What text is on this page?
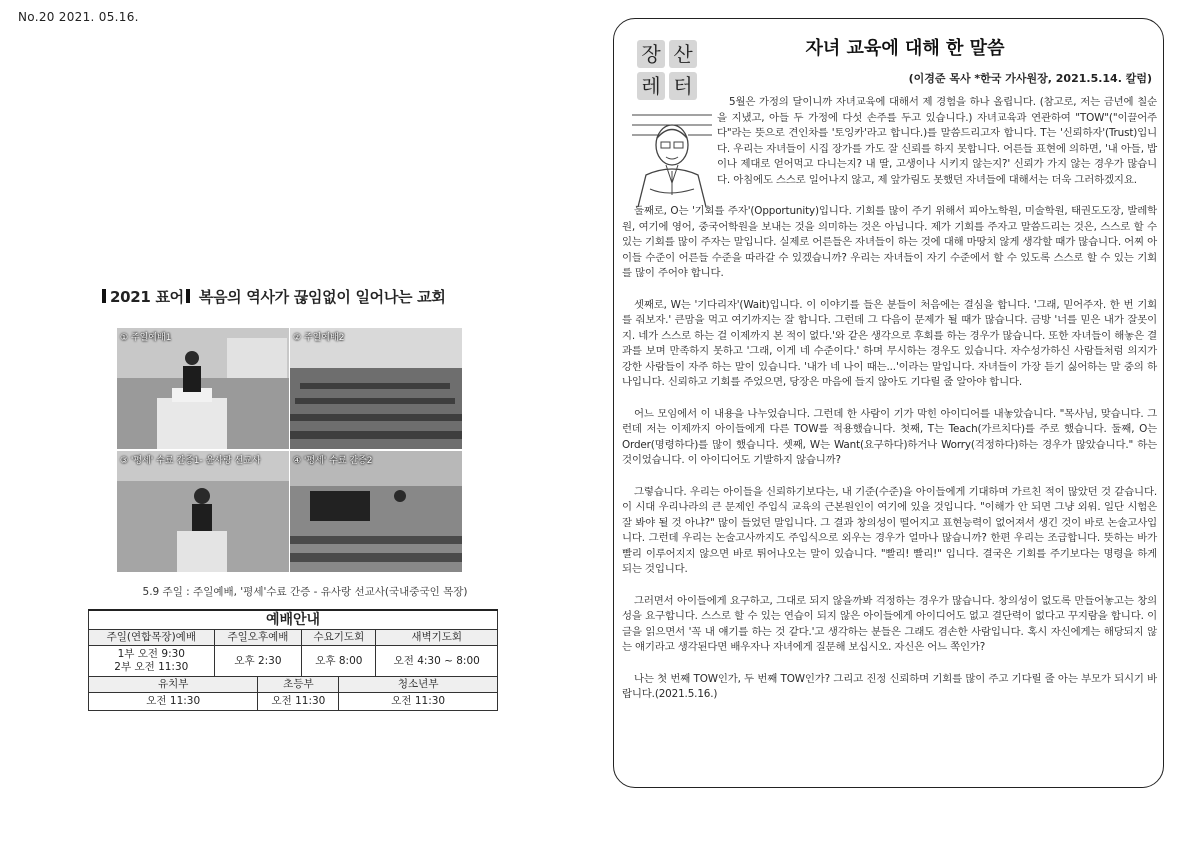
No.20 2021. 05.16.
2021 표어 복음의 역사가 끊임없이 일어나는 교회
① 주일예배1	② 주일예배2
③ '평세' 수료 간증1- 윤사랑 선교사	④ '평세' 수료 간증2
5.9 주일 : 주일예배, '평세'수료 간증 - 유사랑 선교사(국내중국인 목장)
예배안내					
주일(연합목장)예배	주일오후예배		수요기도회		새벽기도회
1부 오전 9:30
2부 오전 11:30	오후 2:30		오후 8:00		오전 4:30 ~ 8:00
유치부		초등부		청소년부	
오전 11:30		오전 11:30		오전 11:30	
장 산
레 터
자녀 교육에 대해 한 말씀
(이경준 목사 *한국 가사원장, 2021.5.14. 칼럼)

5월은 가정의 달이니까 자녀교육에 대해서 제 경험을 하나 올립니다. (참고로, 저는 금년에 칠순을 지냈고, 아들 두 가정에 다섯 손주를 두고 있습니다.) 자녀교육과 연관하여 "TOW"("이끌어주다"라는 뜻으로 견인차를 '토잉카'라고 합니다.)를 말씀드리고자 합니다. T는 '신뢰하자'(Trust)입니다. 우리는 자녀들이 시집 장가를 가도 잘 신뢰를 하지 못합니다. 어른들 표현에 의하면, '내 아들, 밥이나 제대로 얻어먹고 다니는지? 내 딸, 고생이나 시키지 않는지?' 신뢰가 가지 않는 경우가 많습니다. 아침에도 스스로 일어나지 않고, 제 앞가림도 못했던 자녀들에 대해서는 더욱 그러하겠지요.

둘째로, O는 '기회를 주자'(Opportunity)입니다. 기회를 많이 주기 위해서 피아노학원, 미술학원, 태권도도장, 발레학원, 여기에 영어, 중국어학원을 보내는 것을 의미하는 것은 아닙니다. 제가 기회를 주자고 말씀드리는 것은, 스스로 할 수 있는 기회를 많이 주자는 말입니다. 실제로 어른들은 자녀들이 하는 것에 대해 마땅치 않게 생각할 때가 많습니다. 어찌 아이들 수준이 어른들 수준을 따라갈 수 있겠습니까? 우리는 자녀들이 자기 수준에서 할 수 있도록 스스로 할 수 있는 기회를 많이 주어야 합니다.

셋째로, W는 '기다리자'(Wait)입니다. 이 이야기를 들은 분들이 처음에는 결심을 합니다. '그래, 믿어주자. 한 번 기회를 줘보자.' 큰맘을 먹고 여기까지는 잘 합니다. 그런데 그 다음이 문제가 될 때가 많습니다. 금방 '너를 믿은 내가 잘못이지. 네가 스스로 하는 걸 이제까지 본 적이 없다.'와 같은 생각으로 후회를 하는 경우가 많습니다. 또한 자녀들이 해놓은 결과를 보며 만족하지 못하고 '그래, 이게 네 수준이다.' 하며 무시하는 경우도 있습니다. 자수성가하신 사람들처럼 의지가 강한 사람들이 자주 하는 말이 있습니다. '내가 네 나이 때는...'이라는 말입니다. 자녀들이 가장 듣기 싫어하는 말 중의 하나입니다. 신뢰하고 기회를 주었으면, 당장은 마음에 들지 않아도 기다릴 줄 알아야 합니다.

어느 모임에서 이 내용을 나누었습니다. 그런데 한 사람이 기가 막힌 아이디어를 내놓았습니다. "목사님, 맞습니다. 그런데 저는 이제까지 아이들에게 다른 TOW를 적용했습니다. 첫째, T는 Teach(가르치다)를 주로 했습니다. 둘째, O는 Order(명령하다)를 많이 했습니다. 셋째, W는 Want(요구하다)하거나 Worry(걱정하다)하는 경우가 많았습니다." 하는 것이었습니다. 이 아이디어도 기발하지 않습니까?

그렇습니다. 우리는 아이들을 신뢰하기보다는, 내 기준(수준)을 아이들에게 기대하며 가르친 적이 많았던 것 같습니다. 이 시대 우리나라의 큰 문제인 주입식 교육의 근본원인이 여기에 있을 것입니다. "이해가 안 되면 그냥 외워. 일단 시험은 잘 봐야 될 것 아냐?" 많이 들었던 말입니다. 그 결과 창의성이 떨어지고 표현능력이 없어져서 생긴 것이 바로 논술고사입니다. 그런데 우리는 논술고사까지도 주입식으로 외우는 경우가 얼마나 많습니까? 한편 우리는 조급합니다. 뜻하는 바가 빨리 이루어지지 않으면 바로 튀어나오는 말이 있습니다. "빨리! 빨리!" 입니다. 결국은 기회를 주기보다는 명령을 하게 되는 것입니다.

그러면서 아이들에게 요구하고, 그대로 되지 않을까봐 걱정하는 경우가 많습니다. 창의성이 없도록 만들어놓고는 창의성을 요구합니다. 스스로 할 수 있는 연습이 되지 않은 아이들에게 아이디어도 없고 결단력이 없다고 꾸지람을 합니다. 이 글을 읽으면서 '꼭 내 얘기를 하는 것 같다.'고 생각하는 분들은 그래도 겸손한 사람입니다. 혹시 자신에게는 해당되지 않는 얘기라고 생각된다면 배우자나 자녀에게 질문해 보십시오. 자신은 어느 쪽인가?

나는 첫 번째 TOW인가, 두 번째 TOW인가? 그리고 진정 신뢰하며 기회를 많이 주고 기다릴 줄 아는 부모가 되시기 바랍니다.(2021.5.16.)
